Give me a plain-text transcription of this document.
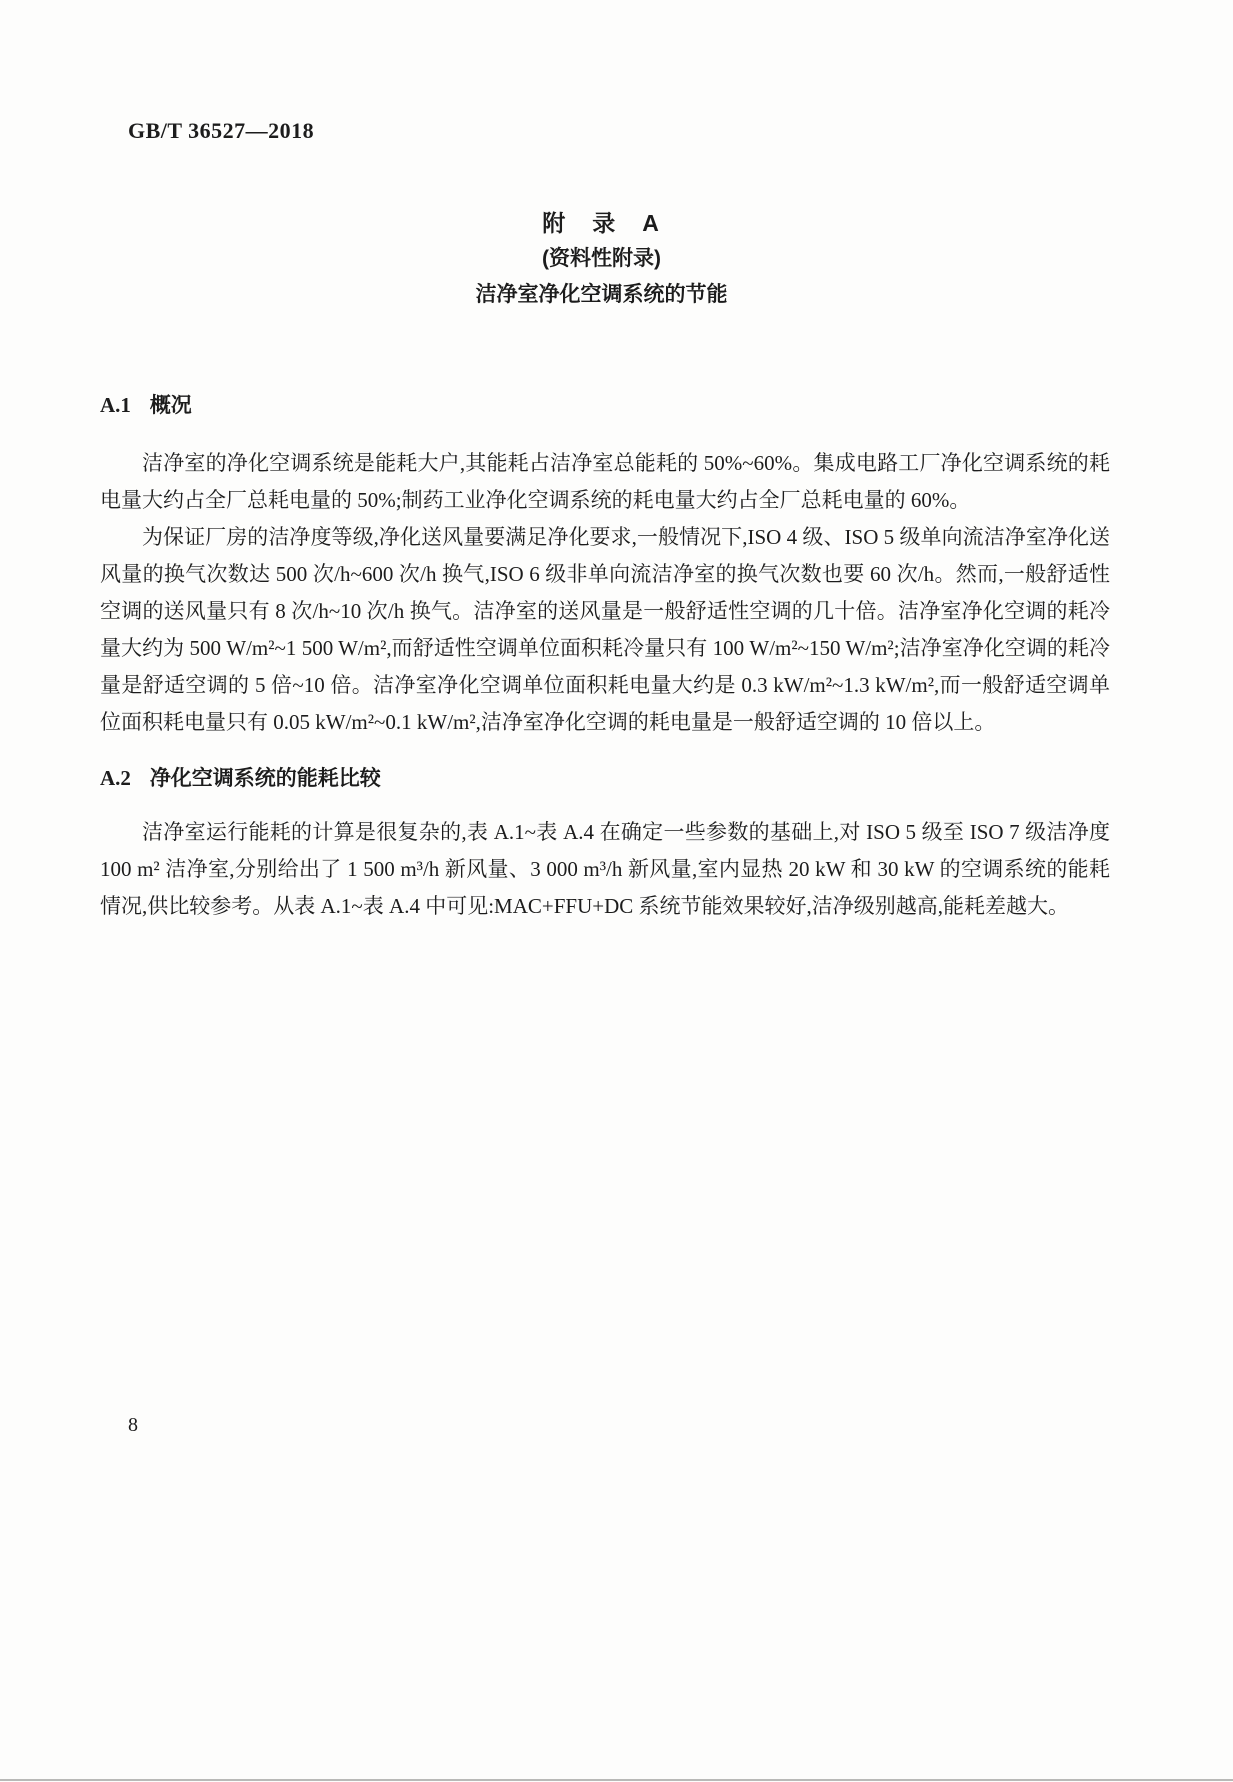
GB/T 36527—2018
附　录　A
(资料性附录)
洁净室净化空调系统的节能
A.1 概况

洁净室的净化空调系统是能耗大户,其能耗占洁净室总能耗的 50%~60%。集成电路工厂净化空调系统的耗电量大约占全厂总耗电量的 50%;制药工业净化空调系统的耗电量大约占全厂总耗电量的 60%。

为保证厂房的洁净度等级,净化送风量要满足净化要求,一般情况下,ISO 4 级、ISO 5 级单向流洁净室净化送风量的换气次数达 500 次/h~600 次/h 换气,ISO 6 级非单向流洁净室的换气次数也要 60 次/h。然而,一般舒适性空调的送风量只有 8 次/h~10 次/h 换气。洁净室的送风量是一般舒适性空调的几十倍。洁净室净化空调的耗冷量大约为 500 W/m²~1 500 W/m²,而舒适性空调单位面积耗冷量只有 100 W/m²~150 W/m²;洁净室净化空调的耗冷量是舒适空调的 5 倍~10 倍。洁净室净化空调单位面积耗电量大约是 0.3 kW/m²~1.3 kW/m²,而一般舒适空调单位面积耗电量只有 0.05 kW/m²~0.1 kW/m²,洁净室净化空调的耗电量是一般舒适空调的 10 倍以上。

A.2 净化空调系统的能耗比较

洁净室运行能耗的计算是很复杂的,表 A.1~表 A.4 在确定一些参数的基础上,对 ISO 5 级至 ISO 7 级洁净度 100 m² 洁净室,分别给出了 1 500 m³/h 新风量、3 000 m³/h 新风量,室内显热 20 kW 和 30 kW 的空调系统的能耗情况,供比较参考。从表 A.1~表 A.4 中可见:MAC+FFU+DC 系统节能效果较好,洁净级别越高,能耗差越大。

8
